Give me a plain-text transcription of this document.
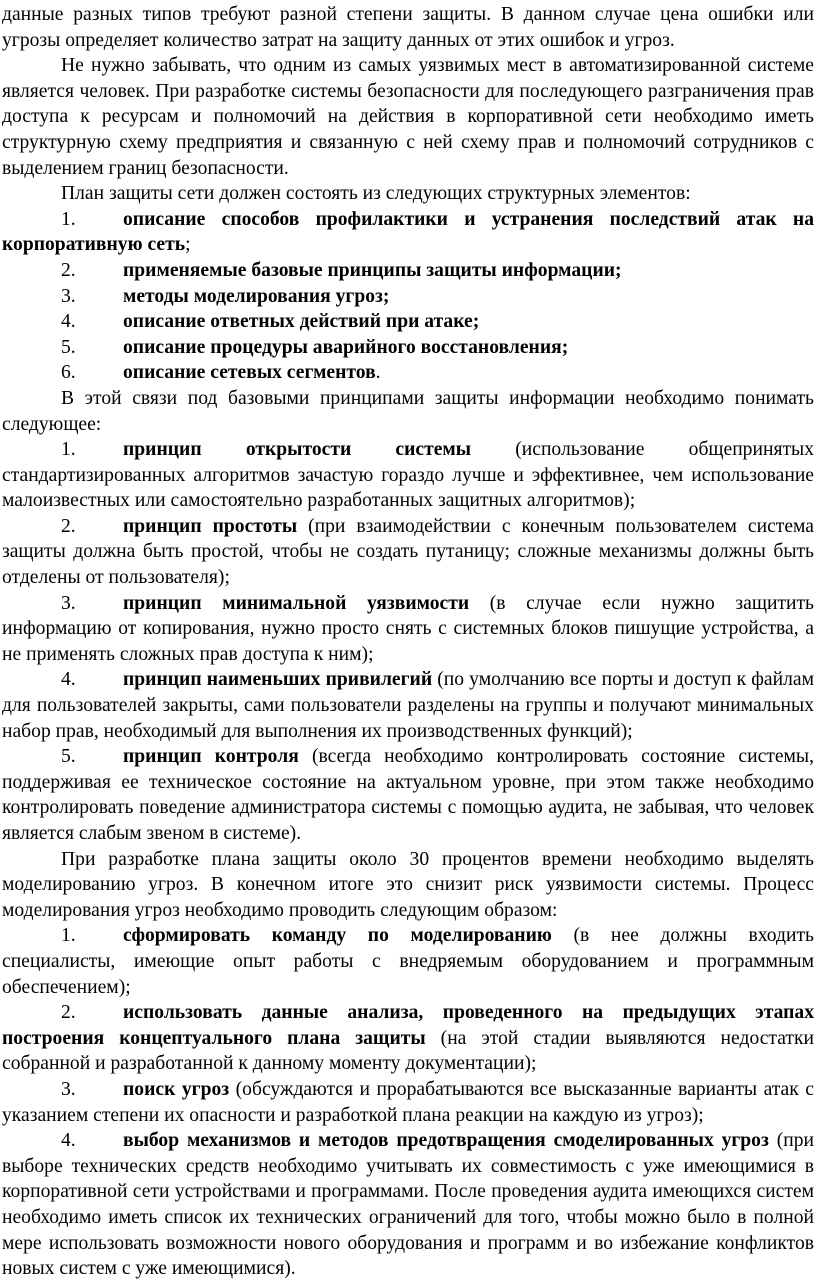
данные разных типов требуют разной степени защиты. В данном случае цена ошибки или угрозы определяет количество затрат на защиту данных от этих ошибок и угроз.

Не нужно забывать, что одним из самых уязвимых мест в автоматизированной системе является человек. При разработке системы безопасности для последующего разграничения прав доступа к ресурсам и полномочий на действия в корпоративной сети необходимо иметь структурную схему предприятия и связанную с ней схему прав и полномочий сотрудников с выделением границ безопасности.

План защиты сети должен состоять из следующих структурных элементов:

1. описание способов профилактики и устранения последствий атак на корпоративную сеть;

2. применяемые базовые принципы защиты информации;

3. методы моделирования угроз;

4. описание ответных действий при атаке;

5. описание процедуры аварийного восстановления;

6. описание сетевых сегментов.

В этой связи под базовыми принципами защиты информации необходимо понимать следующее:

1. принцип открытости системы (использование общепринятых стандартизированных алгоритмов зачастую гораздо лучше и эффективнее, чем использование малоизвестных или самостоятельно разработанных защитных алгоритмов);

2. принцип простоты (при взаимодействии с конечным пользователем система защиты должна быть простой, чтобы не создать путаницу; сложные механизмы должны быть отделены от пользователя);

3. принцип минимальной уязвимости (в случае если нужно защитить информацию от копирования, нужно просто снять с системных блоков пишущие устройства, а не применять сложных прав доступа к ним);

4. принцип наименьших привилегий (по умолчанию все порты и доступ к файлам для пользователей закрыты, сами пользователи разделены на группы и получают минимальных набор прав, необходимый для выполнения их производственных функций);

5. принцип контроля (всегда необходимо контролировать состояние системы, поддерживая ее техническое состояние на актуальном уровне, при этом также необходимо контролировать поведение администратора системы с помощью аудита, не забывая, что человек является слабым звеном в системе).

При разработке плана защиты около 30 процентов времени необходимо выделять моделированию угроз. В конечном итоге это снизит риск уязвимости системы. Процесс моделирования угроз необходимо проводить следующим образом:

1. сформировать команду по моделированию (в нее должны входить специалисты, имеющие опыт работы с внедряемым оборудованием и программным обеспечением);

2. использовать данные анализа, проведенного на предыдущих этапах построения концептуального плана защиты (на этой стадии выявляются недостатки собранной и разработанной к данному моменту документации);

3. поиск угроз (обсуждаются и прорабатываются все высказанные варианты атак с указанием степени их опасности и разработкой плана реакции на каждую из угроз);

4. выбор механизмов и методов предотвращения смоделированных угроз (при выборе технических средств необходимо учитывать их совместимость с уже имеющимися в корпоративной сети устройствами и программами. После проведения аудита имеющихся систем необходимо иметь список их технических ограничений для того, чтобы можно было в полной мере использовать возможности нового оборудования и программ и во избежание конфликтов новых систем с уже имеющимися).
